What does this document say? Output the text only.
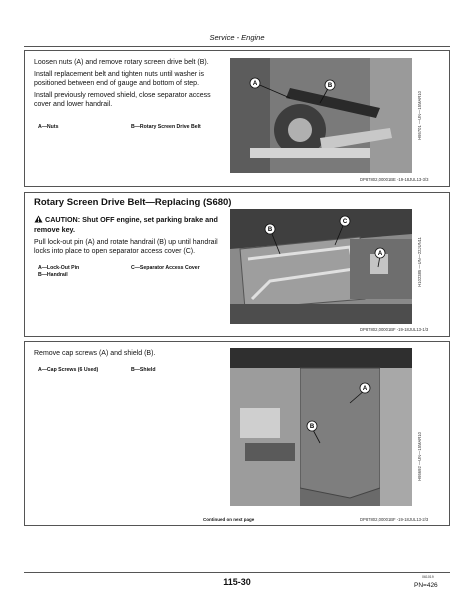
Service - Engine
Loosen nuts (A) and remove rotary screen drive belt (B).
Install replacement belt and tighten nuts until washer is positioned between end of gauge and bottom of step.
Install previously removed shield, close separator access cover and lower handrail.
A—Nuts	B—Rotary Screen Drive Belt
A	B
H95701 —UN—15MAR10
DP87802,00001BE -19-18JUL13-3/3
Rotary Screen Drive Belt—Replacing (S680)
CAUTION: Shut OFF engine, set parking brake and remove key.
Pull lock-out pin (A) and rotate handrail (B) up until handrail locks into place to open separator access cover (C).
A—Lock-Out Pin	C—Separator Access Cover
B—Handrail
C
B
A	H102385 —UN—22JUN11
DP87802,00001BF -19-18JUL13-1/3
Remove cap screws (A) and shield (B).
A—Cap Screws (6 Used)	B—Shield
A
B
H95692 —UN—15MAR10
Continued on next page	DP87802,00001BF -19-18JUL13-2/3
115-30	061019
PN=426
